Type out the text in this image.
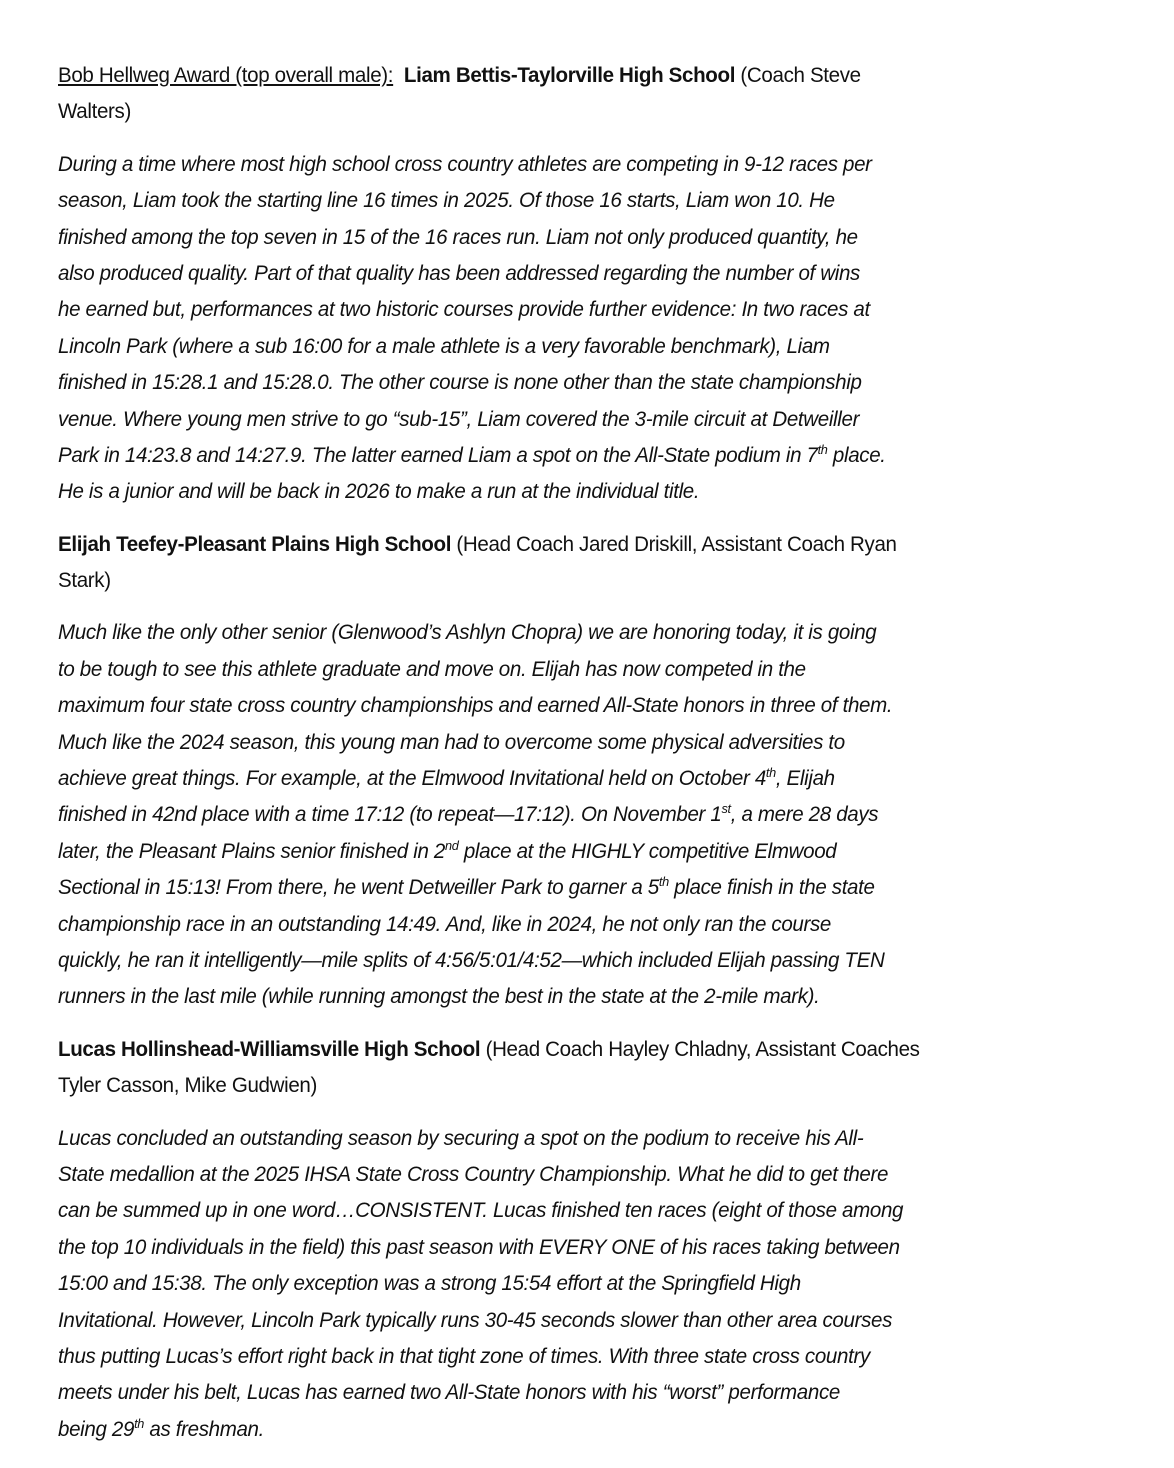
Bob Hellweg Award (top overall male): Liam Bettis-Taylorville High School (Coach Steve
Walters)
During a time where most high school cross country athletes are competing in 9-12 races per
season, Liam took the starting line 16 times in 2025. Of those 16 starts, Liam won 10. He
finished among the top seven in 15 of the 16 races run. Liam not only produced quantity, he
also produced quality. Part of that quality has been addressed regarding the number of wins
he earned but, performances at two historic courses provide further evidence: In two races at
Lincoln Park (where a sub 16:00 for a male athlete is a very favorable benchmark), Liam
finished in 15:28.1 and 15:28.0. The other course is none other than the state championship
venue. Where young men strive to go “sub-15”, Liam covered the 3-mile circuit at Detweiller
Park in 14:23.8 and 14:27.9. The latter earned Liam a spot on the All-State podium in 7th place.
He is a junior and will be back in 2026 to make a run at the individual title.
Elijah Teefey-Pleasant Plains High School (Head Coach Jared Driskill, Assistant Coach Ryan
Stark)
Much like the only other senior (Glenwood’s Ashlyn Chopra) we are honoring today, it is going
to be tough to see this athlete graduate and move on. Elijah has now competed in the
maximum four state cross country championships and earned All-State honors in three of them.
Much like the 2024 season, this young man had to overcome some physical adversities to
achieve great things. For example, at the Elmwood Invitational held on October 4th, Elijah
finished in 42nd place with a time 17:12 (to repeat—17:12). On November 1st, a mere 28 days
later, the Pleasant Plains senior finished in 2nd place at the HIGHLY competitive Elmwood
Sectional in 15:13! From there, he went Detweiller Park to garner a 5th place finish in the state
championship race in an outstanding 14:49. And, like in 2024, he not only ran the course
quickly, he ran it intelligently—mile splits of 4:56/5:01/4:52—which included Elijah passing TEN
runners in the last mile (while running amongst the best in the state at the 2-mile mark).
Lucas Hollinshead-Williamsville High School (Head Coach Hayley Chladny, Assistant Coaches
Tyler Casson, Mike Gudwien)
Lucas concluded an outstanding season by securing a spot on the podium to receive his All-
State medallion at the 2025 IHSA State Cross Country Championship. What he did to get there
can be summed up in one word…CONSISTENT. Lucas finished ten races (eight of those among
the top 10 individuals in the field) this past season with EVERY ONE of his races taking between
15:00 and 15:38. The only exception was a strong 15:54 effort at the Springfield High
Invitational. However, Lincoln Park typically runs 30-45 seconds slower than other area courses
thus putting Lucas’s effort right back in that tight zone of times. With three state cross country
meets under his belt, Lucas has earned two All-State honors with his “worst” performance
being 29th as freshman.
